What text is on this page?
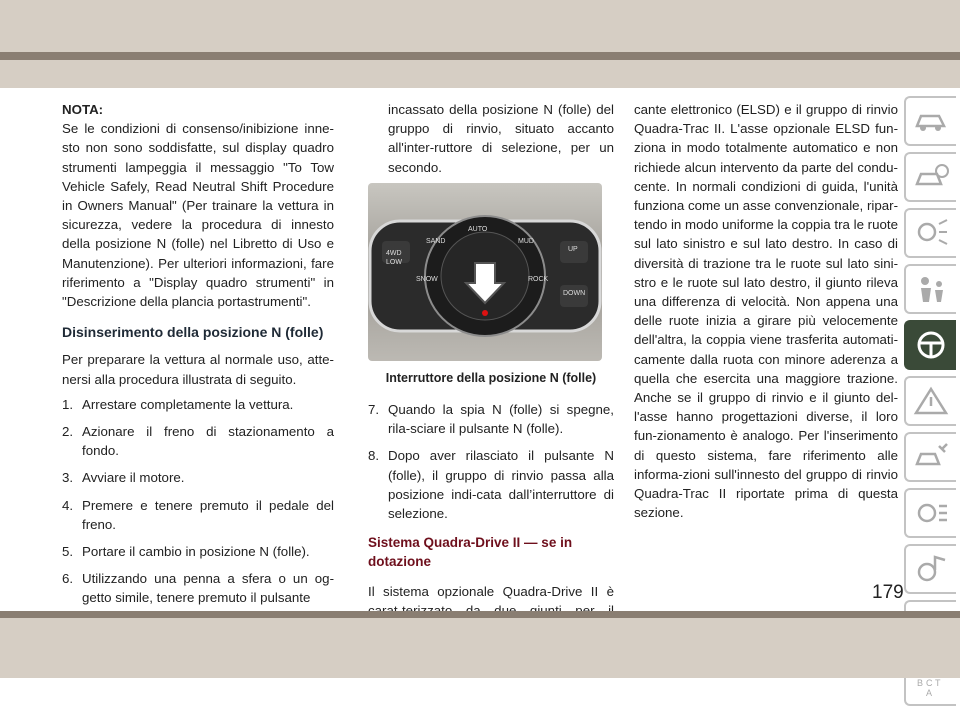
NOTA:

Se le condizioni di consenso/inibizione inne-sto non sono soddisfatte, sul display quadro strumenti lampeggia il messaggio "To Tow Vehicle Safely, Read Neutral Shift Procedure in Owners Manual" (Per trainare la vettura in sicurezza, vedere la procedura di innesto della posizione N (folle) nel Libretto di Uso e Manutenzione). Per ulteriori informazioni, fare riferimento a "Display quadro strumenti" in "Descrizione della plancia portastrumenti".

Disinserimento della posizione N (folle)

Per preparare la vettura al normale uso, atte-nersi alla procedura illustrata di seguito.

1. Arrestare completamente la vettura.
2. Azionare il freno di stazionamento a fondo.
3. Avviare il motore.
4. Premere e tenere premuto il pedale del freno.
5. Portare il cambio in posizione N (folle).
6. Utilizzando una penna a sfera o un og-getto simile, tenere premuto il pulsante

incassato della posizione N (folle) del gruppo di rinvio, situato accanto all'inter-ruttore di selezione, per un secondo.

4WD
LOW
SAND
AUTO
MUD
SNOW	ROCK
UP
DOWN

Interruttore della posizione N (folle)

7. Quando la spia N (folle) si spegne, rila-sciare il pulsante N (folle).
8. Dopo aver rilasciato il pulsante N (folle), il gruppo di rinvio passa alla posizione indi-cata dall’interruttore di selezione.
Sistema Quadra-Drive II — se in dotazione

Il sistema opzionale Quadra-Drive II è

cante elettronico (ELSD) e il gruppo di rinvio Quadra-Trac II. L'asse opzionale ELSD fun-ziona in modo totalmente automatico e non richiede alcun intervento da parte del condu-cente. In normali condizioni di guida, l'unità funziona come un asse convenzionale, ripar-tendo in modo uniforme la coppia tra le ruote sul lato sinistro e sul lato destro. In caso di diversità di trazione tra le ruote sul lato sini-stro e le ruote sul lato destro, il giunto rileva una differenza di velocità. Non appena una delle ruote inizia a girare più velocemente dell'altra, la coppia viene trasferita automati-camente dalla ruota con minore aderenza a quella che esercita una maggiore trazione. Anche se il gruppo di rinvio e il giunto del-l'asse hanno progettazioni diverse, il loro fun-zionamento è analogo. Per l'inserimento di questo sistema, fare riferimento alle informa-zioni sull'innesto del gruppo di rinvio Quadra-Trac II riportate prima di questa sezione.

B C T
A
179
